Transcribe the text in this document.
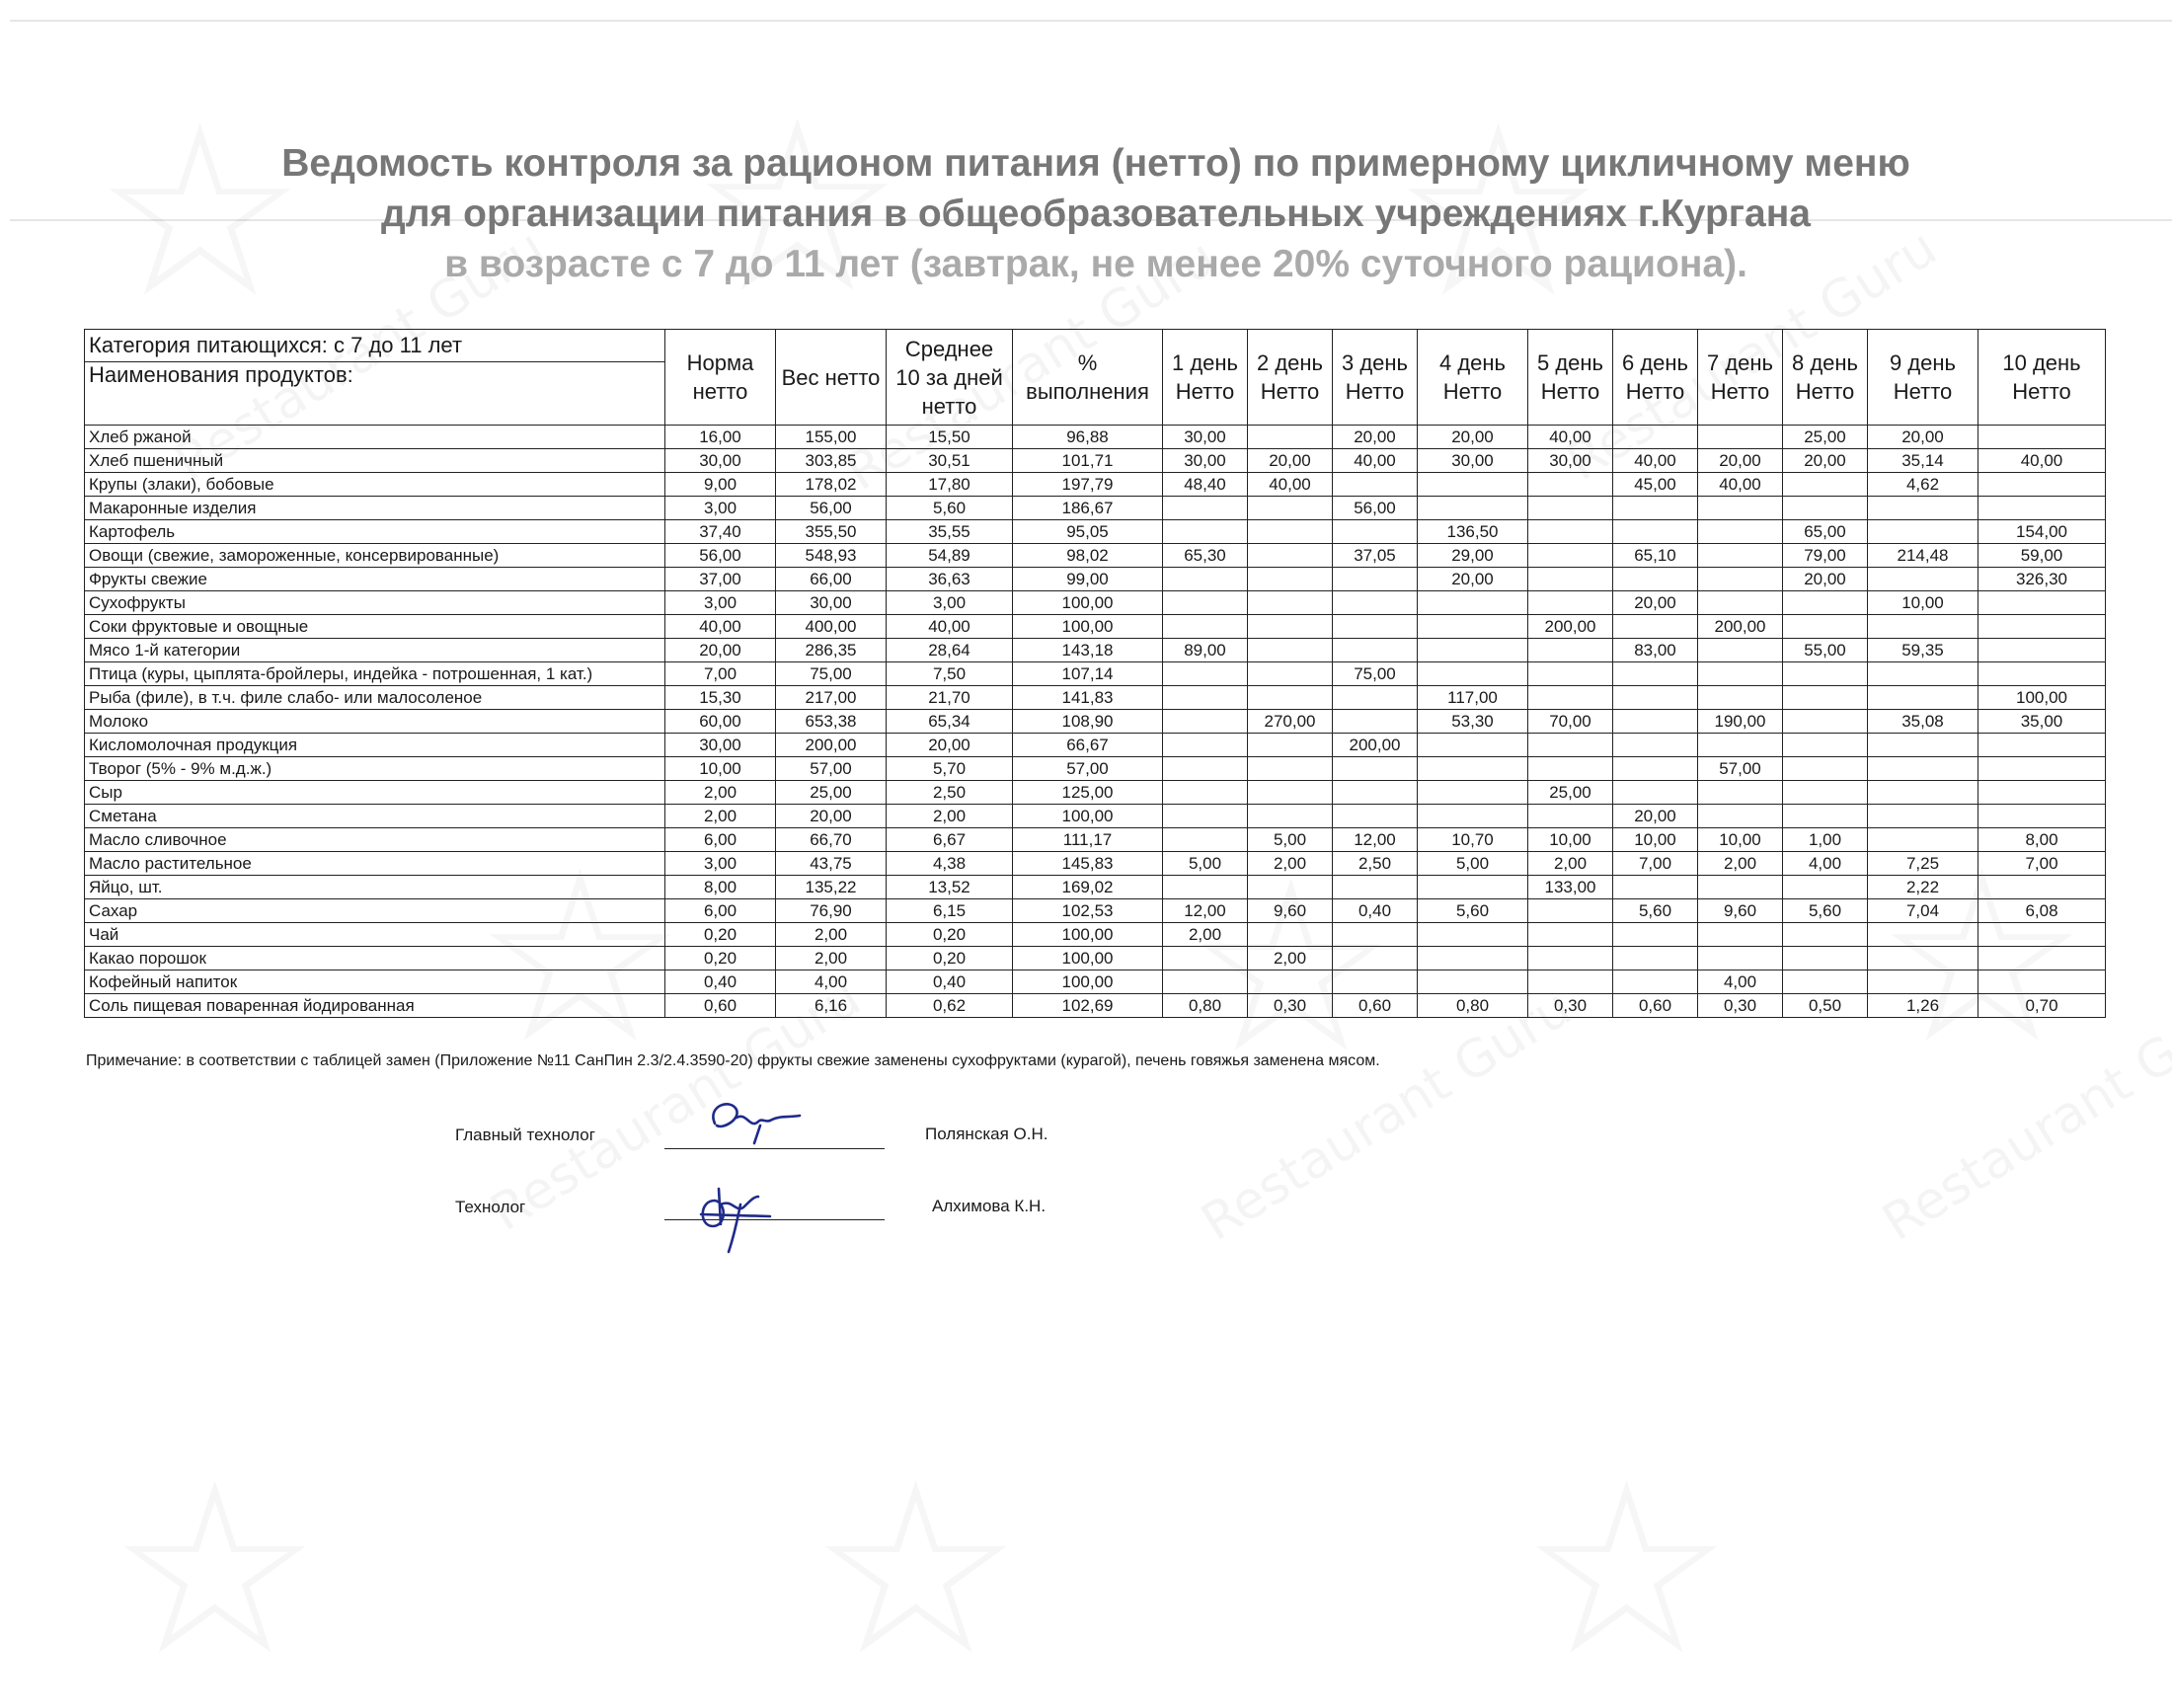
Ведомость контроля за рационом питания (нетто) по примерному цикличному меню
для организации питания в общеобразовательных учреждениях г.Кургана
в возрасте с 7 до 11 лет (завтрак, не менее 20% суточного рациона).
Категория питающихся: с 7 до 11 лет	Норма нетто	Вес нетто	Среднее 10 за дней нетто	% выполнения	1 день Нетто	2 день Нетто	3 день Нетто	4 день Нетто	5 день Нетто	6 день Нетто	7 день Нетто	8 день Нетто	9 день Нетто	10 день Нетто
Наименования продуктов:														
Хлеб ржаной	16,00	155,00	15,50	96,88	30,00		20,00	20,00	40,00			25,00	20,00	
Хлеб пшеничный	30,00	303,85	30,51	101,71	30,00	20,00	40,00	30,00	30,00	40,00	20,00	20,00	35,14	40,00
Крупы (злаки), бобовые	9,00	178,02	17,80	197,79	48,40	40,00				45,00	40,00		4,62	
Макаронные изделия	3,00	56,00	5,60	186,67			56,00							
Картофель	37,40	355,50	35,55	95,05				136,50				65,00		154,00
Овощи (свежие, замороженные, консервированные)	56,00	548,93	54,89	98,02	65,30		37,05	29,00		65,10		79,00	214,48	59,00
Фрукты свежие	37,00	66,00	36,63	99,00				20,00				20,00		326,30
Сухофрукты	3,00	30,00	3,00	100,00						20,00			10,00	
Соки фруктовые и овощные	40,00	400,00	40,00	100,00					200,00		200,00			
Мясо 1-й категории	20,00	286,35	28,64	143,18	89,00					83,00		55,00	59,35	
Птица (куры, цыплята-бройлеры, индейка - потрошенная, 1 кат.)	7,00	75,00	7,50	107,14			75,00							
Рыба (филе), в т.ч. филе слабо- или малосоленое	15,30	217,00	21,70	141,83				117,00						100,00
Молоко	60,00	653,38	65,34	108,90		270,00		53,30	70,00		190,00		35,08	35,00
Кисломолочная продукция	30,00	200,00	20,00	66,67			200,00							
Творог (5% - 9% м.д.ж.)	10,00	57,00	5,70	57,00							57,00			
Сыр	2,00	25,00	2,50	125,00					25,00					
Сметана	2,00	20,00	2,00	100,00						20,00				
Масло сливочное	6,00	66,70	6,67	111,17		5,00	12,00	10,70	10,00	10,00	10,00	1,00		8,00
Масло растительное	3,00	43,75	4,38	145,83	5,00	2,00	2,50	5,00	2,00	7,00	2,00	4,00	7,25	7,00
Яйцо, шт.	8,00	135,22	13,52	169,02					133,00				2,22	
Сахар	6,00	76,90	6,15	102,53	12,00	9,60	0,40	5,60		5,60	9,60	5,60	7,04	6,08
Чай	0,20	2,00	0,20	100,00	2,00									
Какао порошок	0,20	2,00	0,20	100,00		2,00								
Кофейный напиток	0,40	4,00	0,40	100,00							4,00			
Соль пищевая поваренная йодированная	0,60	6,16	0,62	102,69	0,80	0,30	0,60	0,80	0,30	0,60	0,30	0,50	1,26	0,70
Примечание: в соответствии с таблицей замен (Приложение №11 СанПин 2.3/2.4.3590-20) фрукты свежие заменены сухофруктами (курагой), печень говяжья заменена мясом.
Главный технолог	Полянская О.Н.
Технолог	Алхимова К.Н.
